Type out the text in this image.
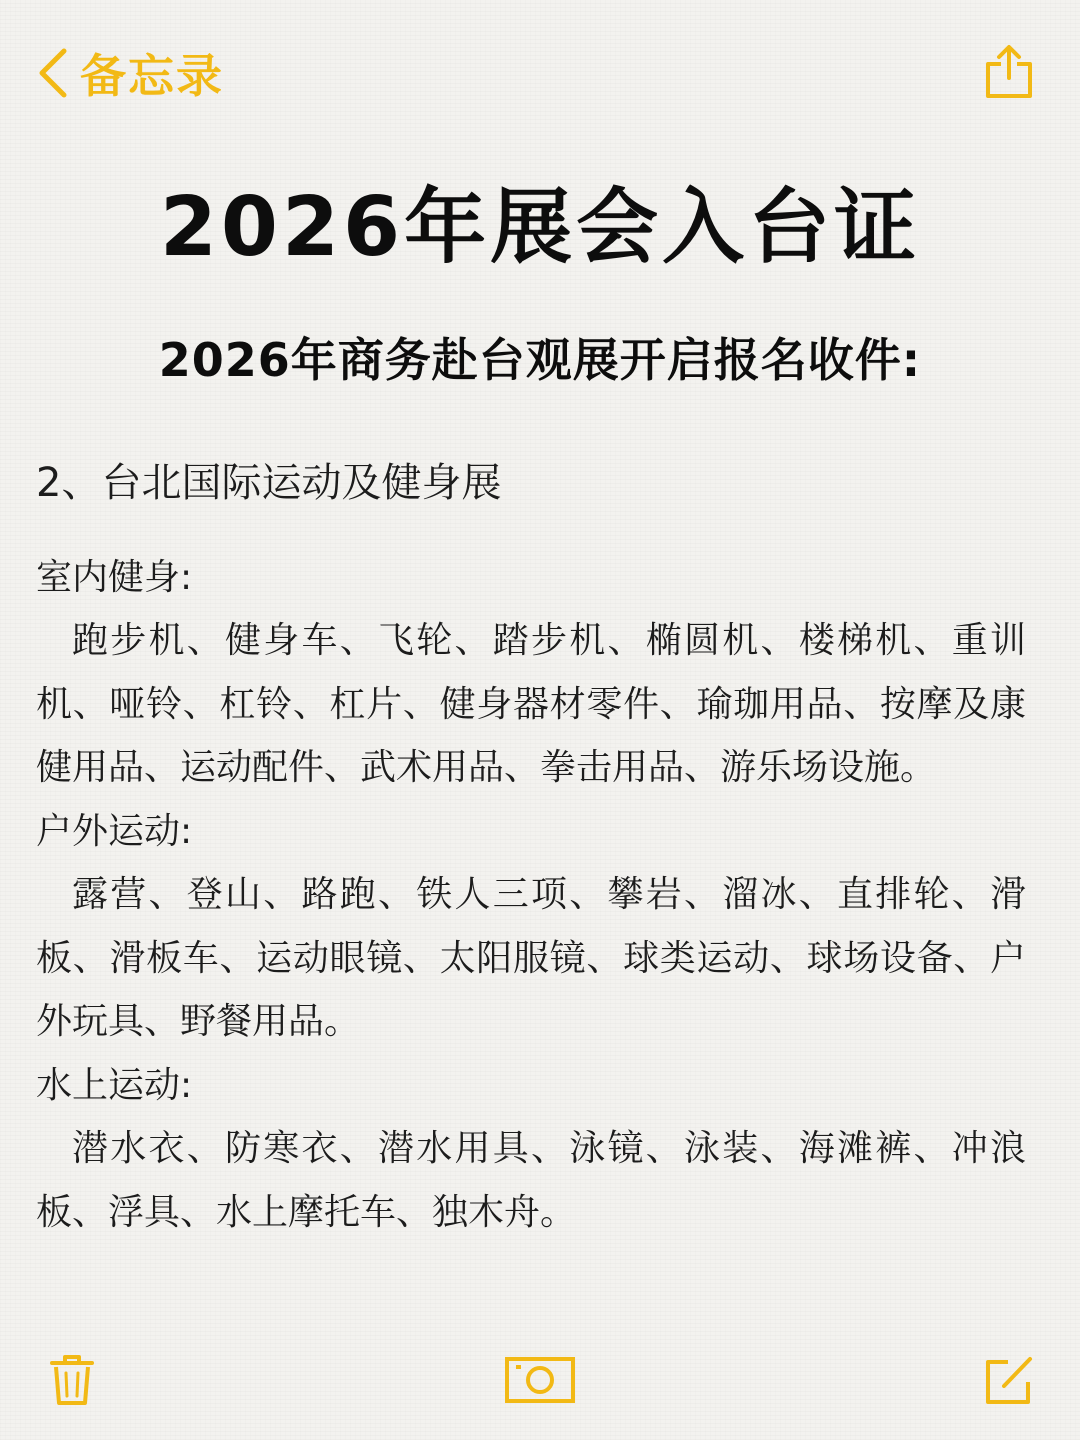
备忘录
2026年展会入台证
2026年商务赴台观展开启报名收件:

2、台北国际运动及健身展

室内健身:

跑步机、健身车、飞轮、踏步机、椭圆机、楼梯机、重训机、哑铃、杠铃、杠片、健身器材零件、瑜珈用品、按摩及康健用品、运动配件、武术用品、拳击用品、游乐场设施。

户外运动:

露营、登山、路跑、铁人三项、攀岩、溜冰、直排轮、滑板、滑板车、运动眼镜、太阳服镜、球类运动、球场设备、户外玩具、野餐用品。

水上运动:

潜水衣、防寒衣、潜水用具、泳镜、泳装、海滩裤、冲浪板、浮具、水上摩托车、独木舟。
